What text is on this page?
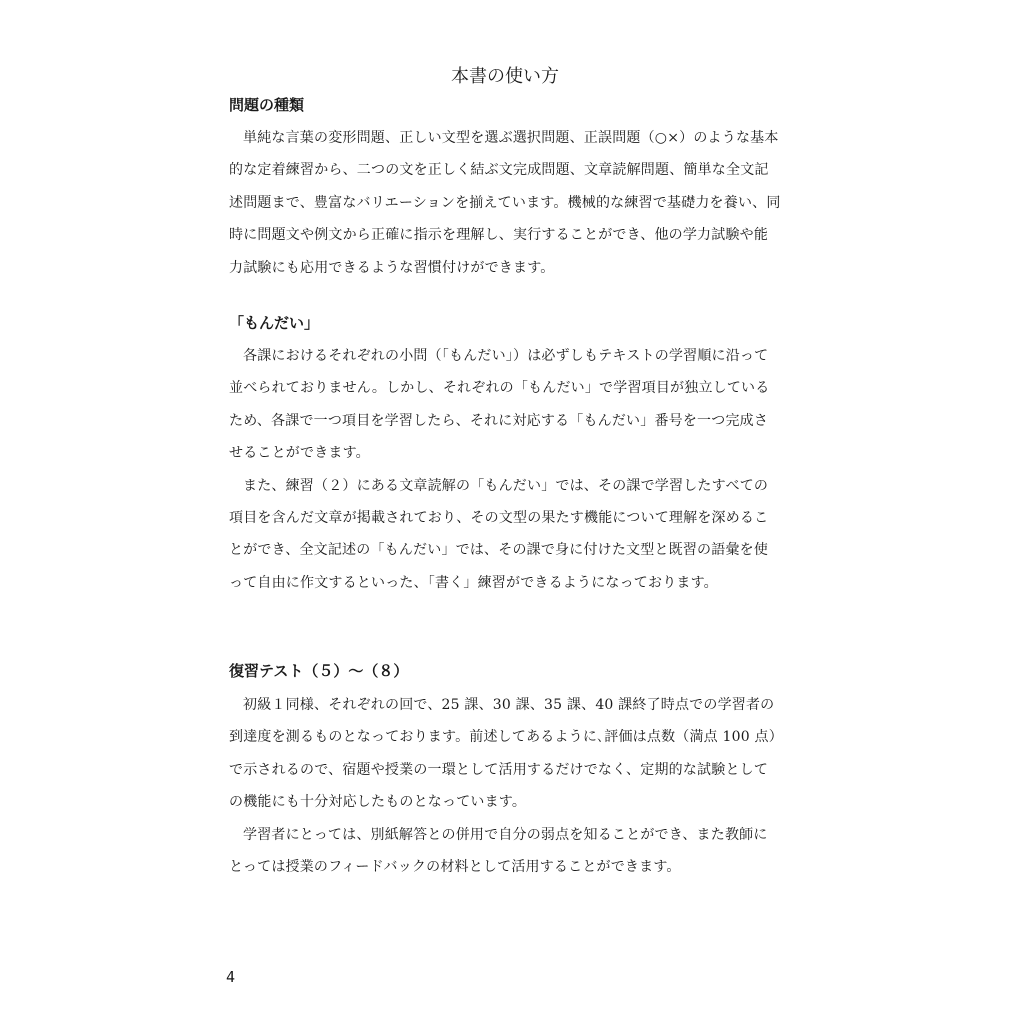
本書の使い方
問題の種類

単純な言葉の変形問題、正しい文型を選ぶ選択問題、正誤問題（○×）のような基本的な定着練習から、二つの文を正しく結ぶ文完成問題、文章読解問題、簡単な全文記述問題まで、豊富なバリエーションを揃えています。機械的な練習で基礎力を養い、同時に問題文や例文から正確に指示を理解し、実行することができ、他の学力試験や能力試験にも応用できるような習慣付けができます。

「もんだい」

各課におけるそれぞれの小問（「もんだい」）は必ずしもテキストの学習順に沿って並べられておりません。しかし、それぞれの「もんだい」で学習項目が独立しているため、各課で一つ項目を学習したら、それに対応する「もんだい」番号を一つ完成させることができます。

また、練習（２）にある文章読解の「もんだい」では、その課で学習したすべての項目を含んだ文章が掲載されており、その文型の果たす機能について理解を深めることができ、全文記述の「もんだい」では、その課で身に付けた文型と既習の語彙を使って自由に作文するといった、「書く」練習ができるようになっております。

復習テスト（５）～（８）

初級１同様、それぞれの回で、25 課、30 課、35 課、40 課終了時点での学習者の到達度を測るものとなっております。前述してあるように､評価は点数（満点 100 点）で示されるので、宿題や授業の一環として活用するだけでなく、定期的な試験としての機能にも十分対応したものとなっています。

学習者にとっては、別紙解答との併用で自分の弱点を知ることができ、また教師にとっては授業のフィードバックの材料として活用することができます。

4
